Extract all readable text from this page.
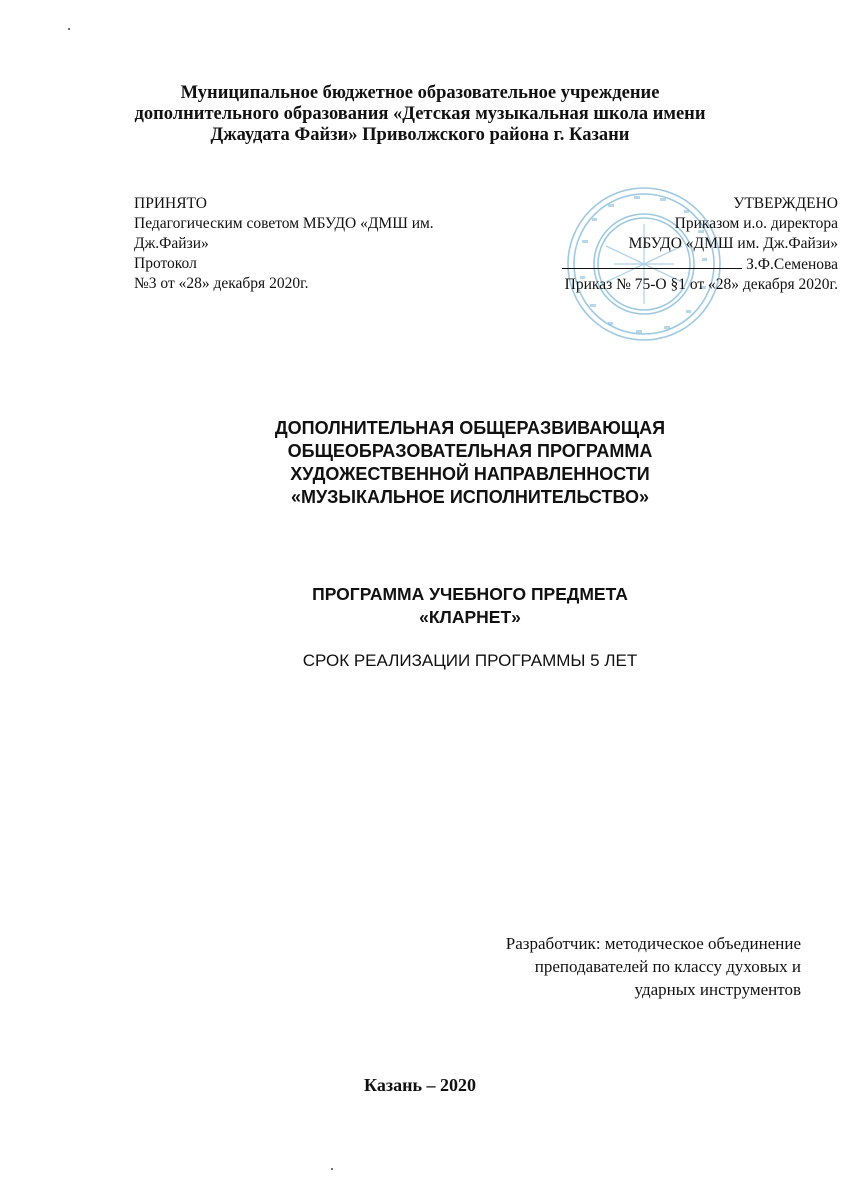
Муниципальное бюджетное образовательное учреждение
дополнительного образования «Детская музыкальная школа имени
Джаудата Файзи» Приволжского района г. Казани
ПРИНЯТО
Педагогическим советом МБУДО «ДМШ им.
Дж.Файзи»
Протокол
№3 от «28» декабря 2020г.
УТВЕРЖДЕНО
Приказом и.о. директора
МБУДО «ДМШ им. Дж.Файзи»
З.Ф.Семенова
Приказ № 75-О §1 от «28» декабря 2020г.
ДОПОЛНИТЕЛЬНАЯ ОБЩЕРАЗВИВАЮЩАЯ
ОБЩЕОБРАЗОВАТЕЛЬНАЯ ПРОГРАММА
ХУДОЖЕСТВЕННОЙ НАПРАВЛЕННОСТИ
«МУЗЫКАЛЬНОЕ ИСПОЛНИТЕЛЬСТВО»
ПРОГРАММА УЧЕБНОГО ПРЕДМЕТА
«КЛАРНЕТ»
СРОК РЕАЛИЗАЦИИ ПРОГРАММЫ 5 ЛЕТ
Разработчик: методическое объединение
преподавателей по классу духовых и
ударных инструментов
Казань – 2020
